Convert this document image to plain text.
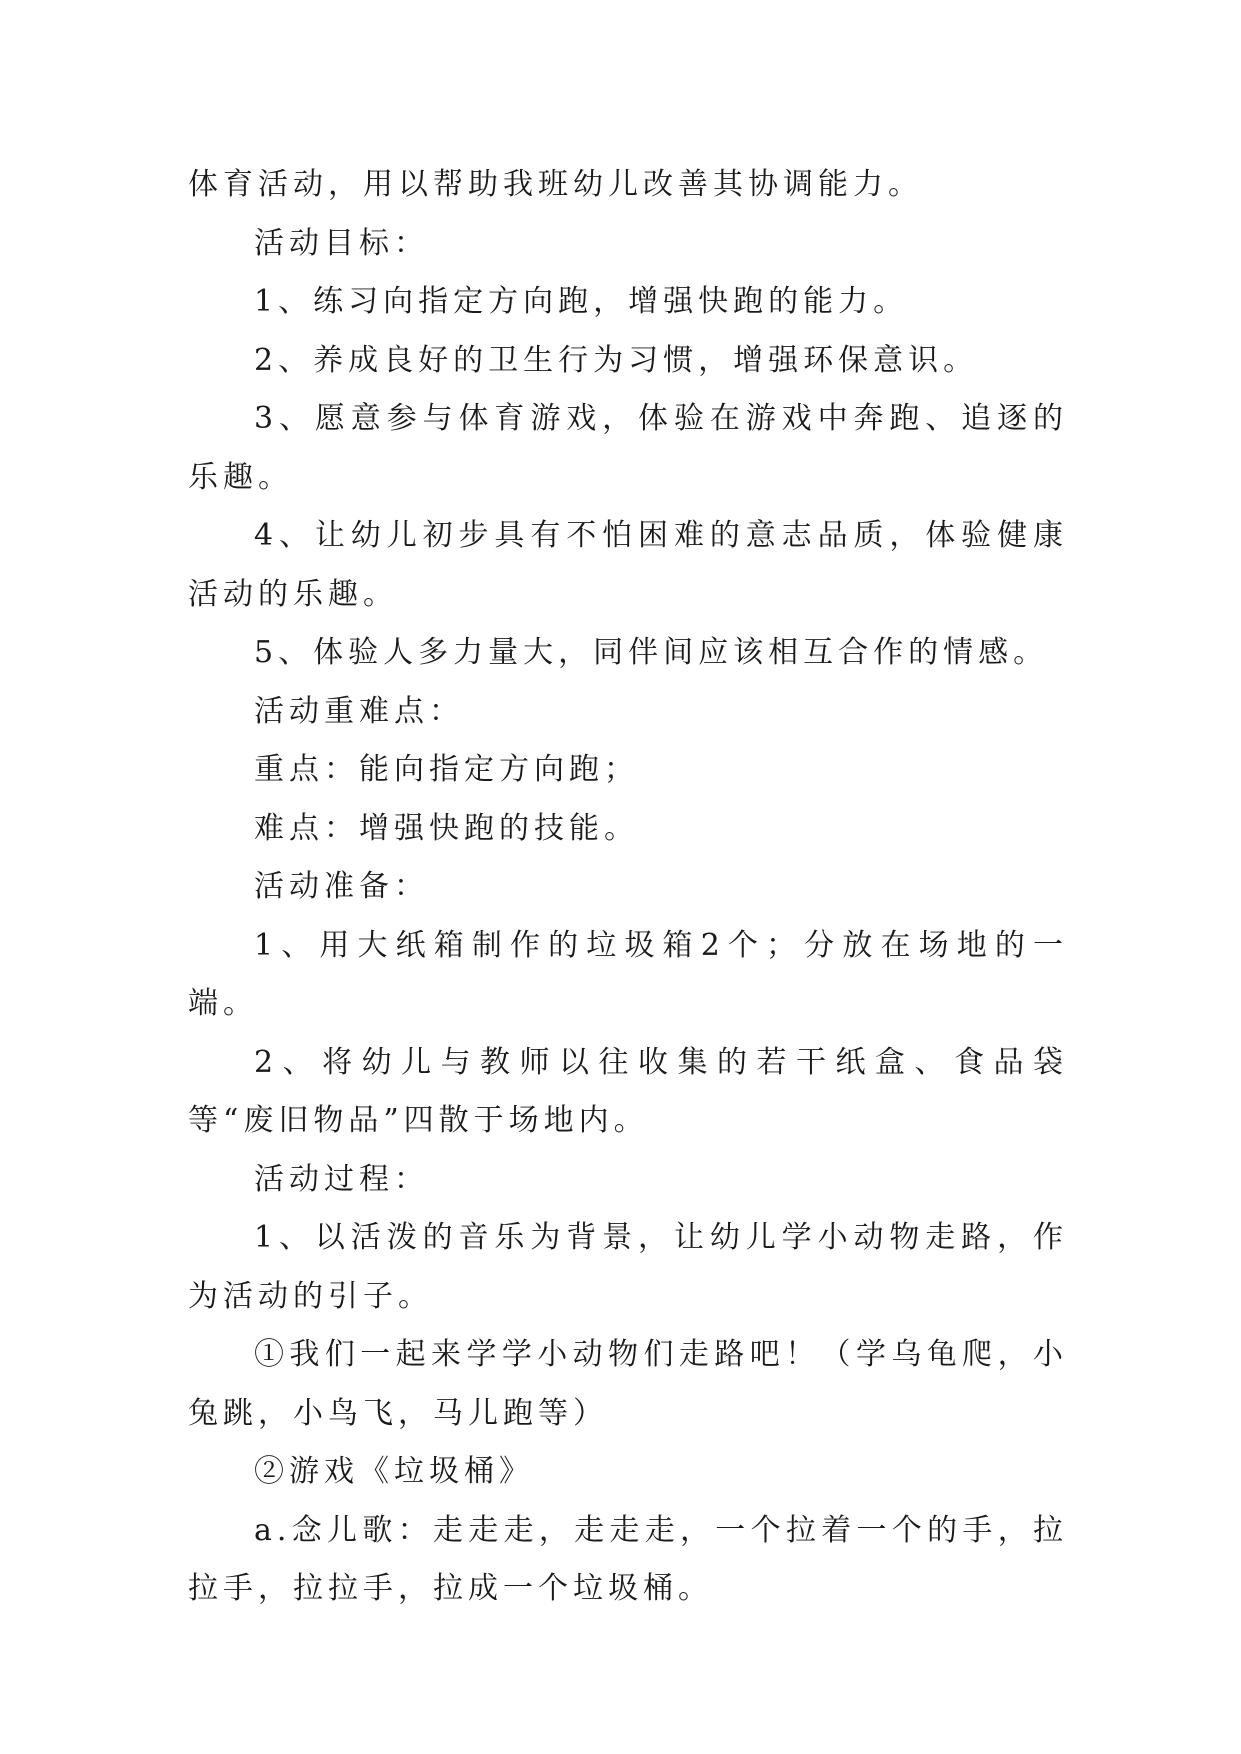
体育活动，用以帮助我班幼儿改善其协调能力。

活动目标：

1、练习向指定方向跑，增强快跑的能力。

2、养成良好的卫生行为习惯，增强环保意识。

3、愿意参与体育游戏，体验在游戏中奔跑、追逐的乐趣。

4、让幼儿初步具有不怕困难的意志品质，体验健康活动的乐趣。

5、体验人多力量大，同伴间应该相互合作的情感。

活动重难点：

重点：能向指定方向跑；

难点：增强快跑的技能。

活动准备：

1、用大纸箱制作的垃圾箱2个；分放在场地的一端。

2、将幼儿与教师以往收集的若干纸盒、食品袋等“废旧物品”四散于场地内。

活动过程：

1、以活泼的音乐为背景，让幼儿学小动物走路，作为活动的引子。

①我们一起来学学小动物们走路吧！（学乌龟爬，小兔跳，小鸟飞，马儿跑等）

②游戏《垃圾桶》

a.念儿歌：走走走，走走走，一个拉着一个的手，拉拉手，拉拉手，拉成一个垃圾桶。
